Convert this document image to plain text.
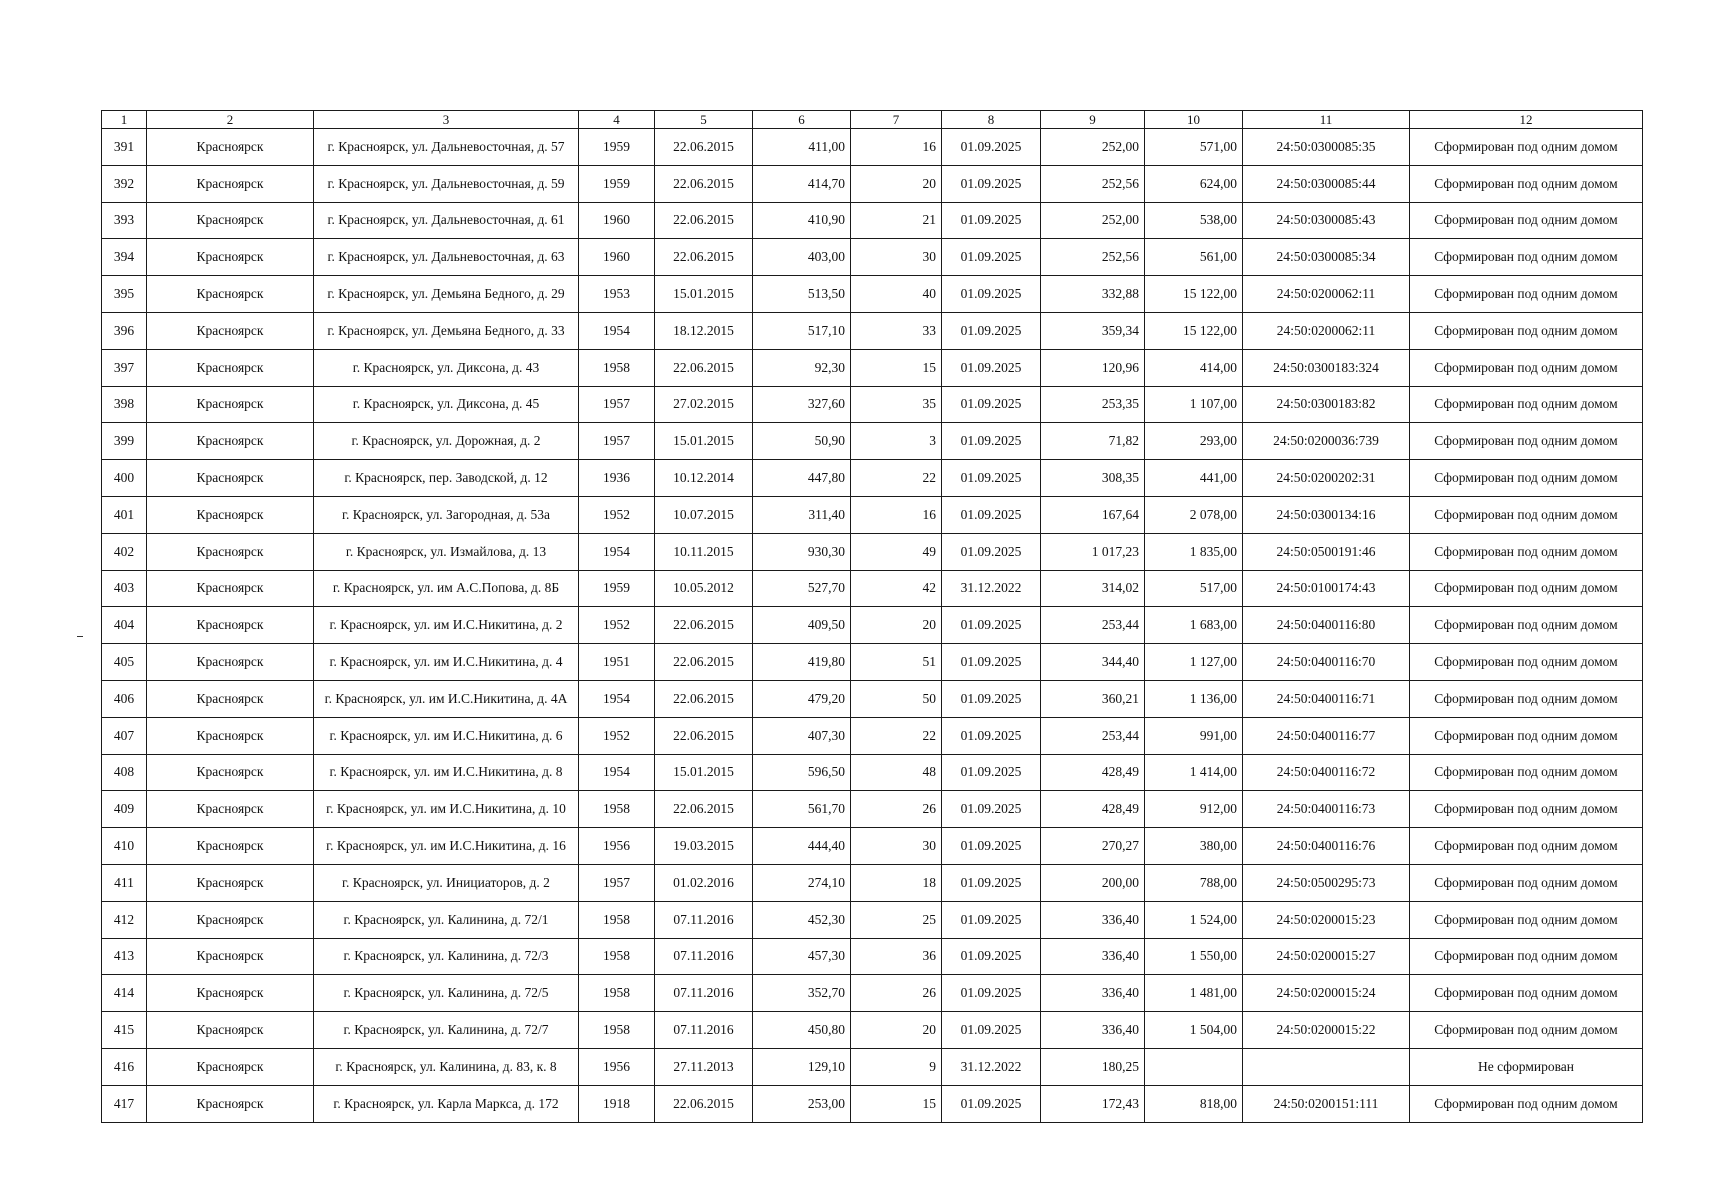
1	2	3	4	5	6	7	8	9	10	11	12
391	Красноярск	г. Красноярск, ул. Дальневосточная, д. 57	1959	22.06.2015	411,00	16	01.09.2025	252,00	571,00	24:50:0300085:35	Сформирован под одним домом
392	Красноярск	г. Красноярск, ул. Дальневосточная, д. 59	1959	22.06.2015	414,70	20	01.09.2025	252,56	624,00	24:50:0300085:44	Сформирован под одним домом
393	Красноярск	г. Красноярск, ул. Дальневосточная, д. 61	1960	22.06.2015	410,90	21	01.09.2025	252,00	538,00	24:50:0300085:43	Сформирован под одним домом
394	Красноярск	г. Красноярск, ул. Дальневосточная, д. 63	1960	22.06.2015	403,00	30	01.09.2025	252,56	561,00	24:50:0300085:34	Сформирован под одним домом
395	Красноярск	г. Красноярск, ул. Демьяна Бедного, д. 29	1953	15.01.2015	513,50	40	01.09.2025	332,88	15 122,00	24:50:0200062:11	Сформирован под одним домом
396	Красноярск	г. Красноярск, ул. Демьяна Бедного, д. 33	1954	18.12.2015	517,10	33	01.09.2025	359,34	15 122,00	24:50:0200062:11	Сформирован под одним домом
397	Красноярск	г. Красноярск, ул. Диксона, д. 43	1958	22.06.2015	92,30	15	01.09.2025	120,96	414,00	24:50:0300183:324	Сформирован под одним домом
398	Красноярск	г. Красноярск, ул. Диксона, д. 45	1957	27.02.2015	327,60	35	01.09.2025	253,35	1 107,00	24:50:0300183:82	Сформирован под одним домом
399	Красноярск	г. Красноярск, ул. Дорожная, д. 2	1957	15.01.2015	50,90	3	01.09.2025	71,82	293,00	24:50:0200036:739	Сформирован под одним домом
400	Красноярск	г. Красноярск, пер. Заводской, д. 12	1936	10.12.2014	447,80	22	01.09.2025	308,35	441,00	24:50:0200202:31	Сформирован под одним домом
401	Красноярск	г. Красноярск, ул. Загородная, д. 53а	1952	10.07.2015	311,40	16	01.09.2025	167,64	2 078,00	24:50:0300134:16	Сформирован под одним домом
402	Красноярск	г. Красноярск, ул. Измайлова, д. 13	1954	10.11.2015	930,30	49	01.09.2025	1 017,23	1 835,00	24:50:0500191:46	Сформирован под одним домом
403	Красноярск	г. Красноярск, ул. им А.С.Попова, д. 8Б	1959	10.05.2012	527,70	42	31.12.2022	314,02	517,00	24:50:0100174:43	Сформирован под одним домом
404	Красноярск	г. Красноярск, ул. им И.С.Никитина, д. 2	1952	22.06.2015	409,50	20	01.09.2025	253,44	1 683,00	24:50:0400116:80	Сформирован под одним домом
405	Красноярск	г. Красноярск, ул. им И.С.Никитина, д. 4	1951	22.06.2015	419,80	51	01.09.2025	344,40	1 127,00	24:50:0400116:70	Сформирован под одним домом
406	Красноярск	г. Красноярск, ул. им И.С.Никитина, д. 4А	1954	22.06.2015	479,20	50	01.09.2025	360,21	1 136,00	24:50:0400116:71	Сформирован под одним домом
407	Красноярск	г. Красноярск, ул. им И.С.Никитина, д. 6	1952	22.06.2015	407,30	22	01.09.2025	253,44	991,00	24:50:0400116:77	Сформирован под одним домом
408	Красноярск	г. Красноярск, ул. им И.С.Никитина, д. 8	1954	15.01.2015	596,50	48	01.09.2025	428,49	1 414,00	24:50:0400116:72	Сформирован под одним домом
409	Красноярск	г. Красноярск, ул. им И.С.Никитина, д. 10	1958	22.06.2015	561,70	26	01.09.2025	428,49	912,00	24:50:0400116:73	Сформирован под одним домом
410	Красноярск	г. Красноярск, ул. им И.С.Никитина, д. 16	1956	19.03.2015	444,40	30	01.09.2025	270,27	380,00	24:50:0400116:76	Сформирован под одним домом
411	Красноярск	г. Красноярск, ул. Инициаторов, д. 2	1957	01.02.2016	274,10	18	01.09.2025	200,00	788,00	24:50:0500295:73	Сформирован под одним домом
412	Красноярск	г. Красноярск, ул. Калинина, д. 72/1	1958	07.11.2016	452,30	25	01.09.2025	336,40	1 524,00	24:50:0200015:23	Сформирован под одним домом
413	Красноярск	г. Красноярск, ул. Калинина, д. 72/3	1958	07.11.2016	457,30	36	01.09.2025	336,40	1 550,00	24:50:0200015:27	Сформирован под одним домом
414	Красноярск	г. Красноярск, ул. Калинина, д. 72/5	1958	07.11.2016	352,70	26	01.09.2025	336,40	1 481,00	24:50:0200015:24	Сформирован под одним домом
415	Красноярск	г. Красноярск, ул. Калинина, д. 72/7	1958	07.11.2016	450,80	20	01.09.2025	336,40	1 504,00	24:50:0200015:22	Сформирован под одним домом
416	Красноярск	г. Красноярск, ул. Калинина, д. 83, к. 8	1956	27.11.2013	129,10	9	31.12.2022	180,25			Не сформирован
417	Красноярск	г. Красноярск, ул. Карла Маркса, д. 172	1918	22.06.2015	253,00	15	01.09.2025	172,43	818,00	24:50:0200151:111	Сформирован под одним домом
